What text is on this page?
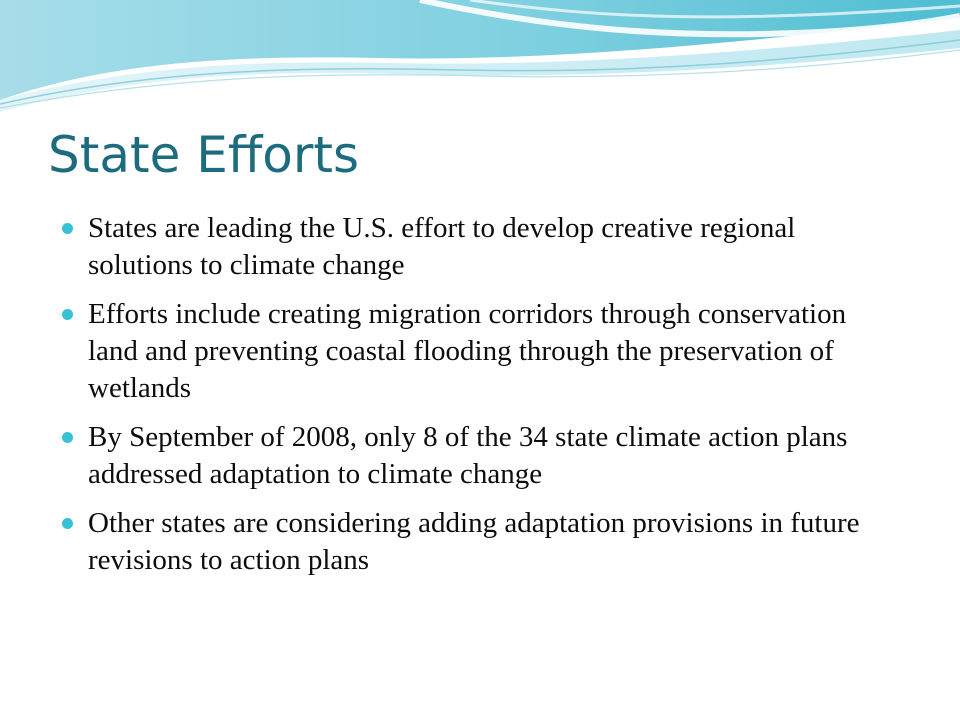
State Efforts
States are leading the U.S. effort to develop creative regional solutions to climate change
Efforts include creating migration corridors through conservation land and preventing coastal flooding through the preservation of wetlands
By September of 2008, only 8 of the 34 state climate action plans addressed adaptation to climate change
Other states are considering adding adaptation provisions in future revisions to action plans
